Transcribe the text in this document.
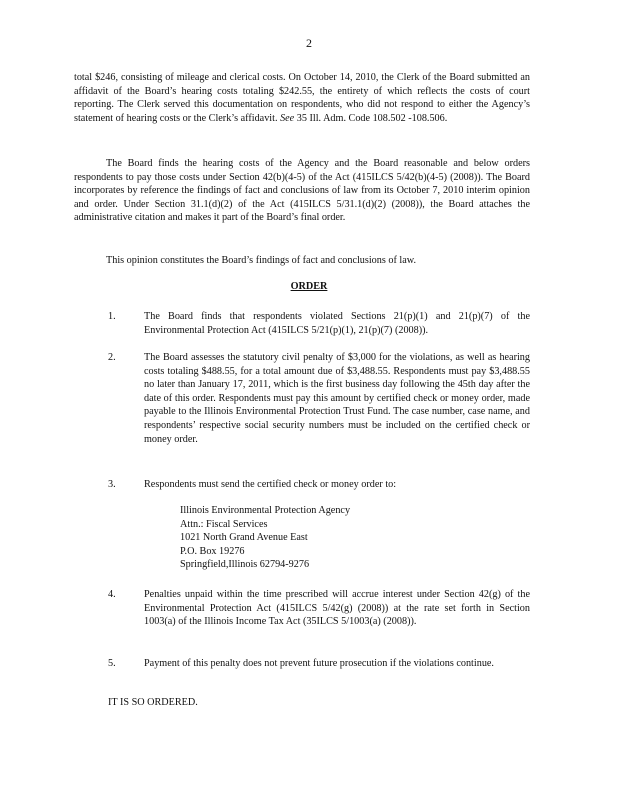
2

total $246, consisting of mileage and clerical costs. On October 14, 2010, the Clerk of the Board submitted an affidavit of the Board’s hearing costs totaling $242.55, the entirety of which reflects the costs of court reporting. The Clerk served this documentation on respondents, who did not respond to either the Agency’s statement of hearing costs or the Clerk’s affidavit. See 35 Ill. Adm. Code 108.502 -108.506.

The Board finds the hearing costs of the Agency and the Board reasonable and below orders respondents to pay those costs under Section 42(b)(4-5) of the Act (415ILCS 5/42(b)(4-5) (2008)). The Board incorporates by reference the findings of fact and conclusions of law from its October 7, 2010 interim opinion and order. Under Section 31.1(d)(2) of the Act (415ILCS 5/31.1(d)(2) (2008)), the Board attaches the administrative citation and makes it part of the Board’s final order.

This opinion constitutes the Board’s findings of fact and conclusions of law.

ORDER
1.	The Board finds that respondents violated Sections 21(p)(1) and 21(p)(7) of the Environmental Protection Act (415ILCS 5/21(p)(1), 21(p)(7) (2008)).
2.	The Board assesses the statutory civil penalty of $3,000 for the violations, as well as hearing costs totaling $488.55, for a total amount due of $3,488.55. Respondents must pay $3,488.55 no later than January 17, 2011, which is the first business day following the 45th day after the date of this order. Respondents must pay this amount by certified check or money order, made payable to the Illinois Environmental Protection Trust Fund. The case number, case name, and respondents’ respective social security numbers must be included on the certified check or money order.
3.	Respondents must send the certified check or money order to:
Illinois Environmental Protection Agency
Attn.: Fiscal Services
1021 North Grand Avenue East
P.O. Box 19276
Springfield,Illinois 62794-9276
4.	Penalties unpaid within the time prescribed will accrue interest under Section 42(g) of the Environmental Protection Act (415ILCS 5/42(g) (2008)) at the rate set forth in Section 1003(a) of the Illinois Income Tax Act (35ILCS 5/1003(a) (2008)).
5.	Payment of this penalty does not prevent future prosecution if the violations continue.
IT IS SO ORDERED.
